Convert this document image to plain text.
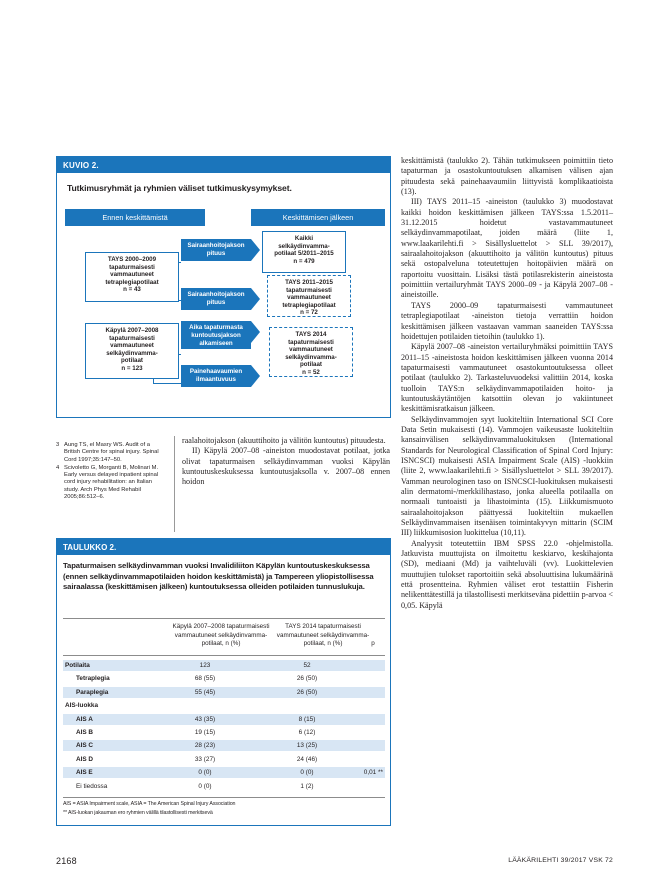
KUVIO 2.
Tutkimusryhmät ja ryhmien väliset tutkimuskysymykset.
Ennen keskittämistä	Keskittämisen jälkeen
TAYS 2000–2009
tapaturmaisesti
vammautuneet
tetraplegiapotilaat
n = 43
Käpylä 2007–2008
tapaturmaisesti
vammautuneet
selkäydinvamma-
potilaat
n = 123
Sairaanhoitojakson
pituus
Sairaanhoitojakson
pituus
Aika tapaturmasta
kuntoutusjakson
alkamiseen
Painehaavaumien
ilmaantuvuus
Kaikki
selkäydinvamma-
potilaat 5/2011–2015
n = 479
TAYS 2011–2015
tapaturmaisesti
vammautuneet
tetraplegiapotilaat
n = 72
TAYS 2014
tapaturmaisesti
vammautuneet
selkäydinvamma-
potilaat
n = 52
3 Aung TS, el Masry WS. Audit of a British Centre for spinal injury. Spinal Cord 1997;35:147–50.
4 Scivoletto G, Morganti B, Molinari M. Early versus delayed inpatient spinal cord injury rehabilitation: an Italian study. Arch Phys Med Rehabil 2005;86:512–6.

raalahoitojakson (akuuttihoito ja välitön kuntoutus) pituudesta.

II) Käpylä 2007–08 -aineiston muodostavat potilaat, jotka olivat tapaturmaisen selkäydinvamman vuoksi Käpylän kuntoutuskeskuksessa kuntoutusjaksolla v. 2007–08 ennen hoidon

keskittämistä (taulukko 2). Tähän tutkimukseen poimittiin tieto tapaturman ja osastokuntoutuksen alkamisen välisen ajan pituudesta sekä painehaavaumiin liittyvistä komplikaatioista (13).

III) TAYS 2011–15 -aineiston (taulukko 3) muodostavat kaikki hoidon keskittämisen jälkeen TAYS:ssa 1.5.2011–31.12.2015 hoidetut vastavammautuneet selkäydinvammapotilaat, joiden määrä (liite 1, www.laakarilehti.fi > Sisällysluettelot > SLL 39/2017), sairaalahoitojakson (akuuttihoito ja välitön kuntoutus) pituus sekä ostopalveluna toteutettujen hoitopäivien määrä on raportoitu vuosittain. Lisäksi tästä potilasrekisterin aineistosta poimittiin vertailuryhmät TAYS 2000–09 - ja Käpylä 2007–08 -aineistoille.

TAYS 2000–09 tapaturmaisesti vammautuneet tetraplegiapotilaat -aineiston tietoja verrattiin hoidon keskittämisen jälkeen vastaavan vamman saaneiden TAYS:ssa hoidettujen potilaiden tietoihin (taulukko 1).

Käpylä 2007–08 -aineiston vertailuryhmäksi poimittiin TAYS 2011–15 -aineistosta hoidon keskittämisen jälkeen vuonna 2014 tapaturmaisesti vammautuneet osastokuntoutuksessa olleet potilaat (taulukko 2). Tarkasteluvuodeksi valittiin 2014, koska tuolloin TAYS:n selkäydinvammapotilaiden hoito- ja kuntoutuskäytäntöjen katsottiin olevan jo vakiintuneet keskittämisratkaisun jälkeen.

Selkäydinvammojen syyt luokiteltiin International SCI Core Data Setin mukaisesti (14). Vammojen vaikeusaste luokiteltiin kansainvälisen selkäydinvammaluokituksen (International Standards for Neurological Classification of Spinal Cord Injury: ISNCSCI) mukaisesti ASIA Impairment Scale (AIS) -luokkiin (liite 2, www.laakarilehti.fi > Sisällysluettelot > SLL 39/2017). Vamman neurologinen taso on ISNCSCI-luokituksen mukaisesti alin dermatomi-/merkkilihastaso, jonka alueella potilaalla on normaali tuntoaisti ja lihastoiminta (15). Liikkumismuoto sairaalahoitojakson päättyessä luokiteltiin mukaellen Selkäydinvammaisen itsenäisen toimintakyvyn mittarin (SCIM III) liikkumisosion luokittelua (10,11).

Analyysit toteutettiin IBM SPSS 22.0 -ohjelmistolla. Jatkuvista muuttujista on ilmoitettu keskiarvo, keskihajonta (SD), mediaani (Md) ja vaihteluväli (vv). Luokittelevien muuttujien tulokset raportoitiin sekä absoluuttisina lukumäärinä että prosentteina. Ryhmien väliset erot testattiin Fisherin nelikenttätestillä ja tilastollisesti merkitseväna pidettiin p-arvoa < 0,05. Käpylä

TAULUKKO 2.
Tapaturmaisen selkäydinvamman vuoksi Invalidiliiton Käpylän kuntoutuskeskuksessa (ennen selkäydinvammapotilaiden hoidon keskittämistä) ja Tampereen yliopistollisessa sairaalassa (keskittämisen jälkeen) kuntoutuksessa olleiden potilaiden tunnuslukuja.
Käpylä 2007–2008 tapaturmaisesti
vammautuneet selkäydinvamma-
potilaat, n (%)
TAYS 2014 tapaturmaisesti
vammautuneet selkäydinvamma-
potilaat, n (%)	p
Potilaita	123	52
Tetraplegia	68 (55)	26 (50)
Paraplegia	55 (45)	26 (50)
AIS-luokka
AIS A	43 (35)	8 (15)
AIS B	19 (15)	6 (12)
AIS C	28 (23)	13 (25)
AIS D	33 (27)	24 (46)
AIS E	0 (0)	0 (0)	0,01 **
Ei tiedossa	0 (0)	1 (2)
AIS = ASIA Impairment scale, ASIA = The American Spinal Injury Association
** AIS-luokan jakauman ero ryhmien välillä tilastollisesti merkitsevä
2168	LÄÄKÄRILEHTI 39/2017 VSK 72
